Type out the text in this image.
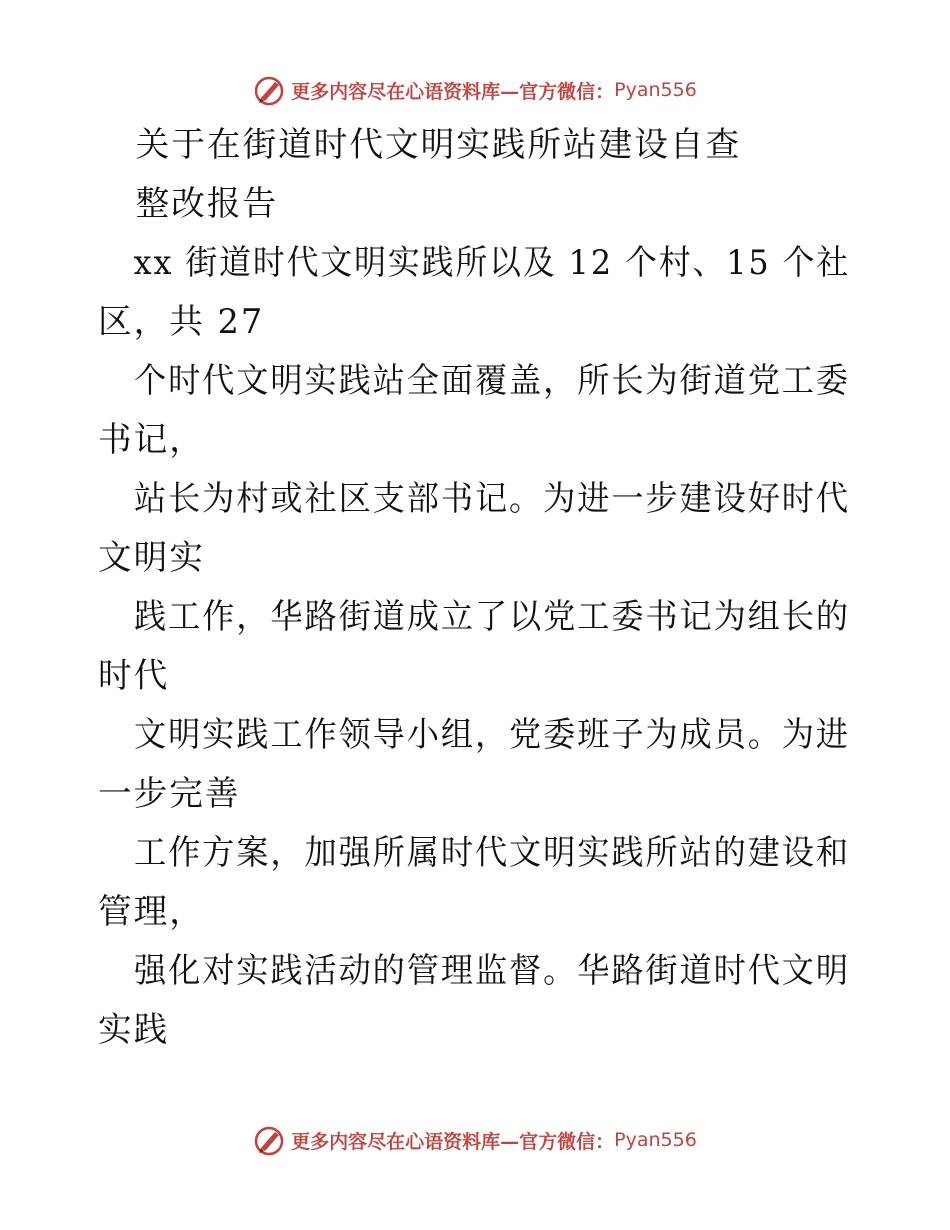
更多内容尽在心语资料库—官方微信： Pyan556
关于在街道时代文明实践所站建设自查
整改报告
xx 街道时代文明实践所以及 12 个村、15 个社
区，共 27
个时代文明实践站全面覆盖，所长为街道党工委
书记，
站长为村或社区支部书记。为进一步建设好时代
文明实
践工作，华路街道成立了以党工委书记为组长的
时代
文明实践工作领导小组，党委班子为成员。为进
一步完善
工作方案，加强所属时代文明实践所站的建设和
管理，
强化对实践活动的管理监督。华路街道时代文明
实践
更多内容尽在心语资料库—官方微信： Pyan556
